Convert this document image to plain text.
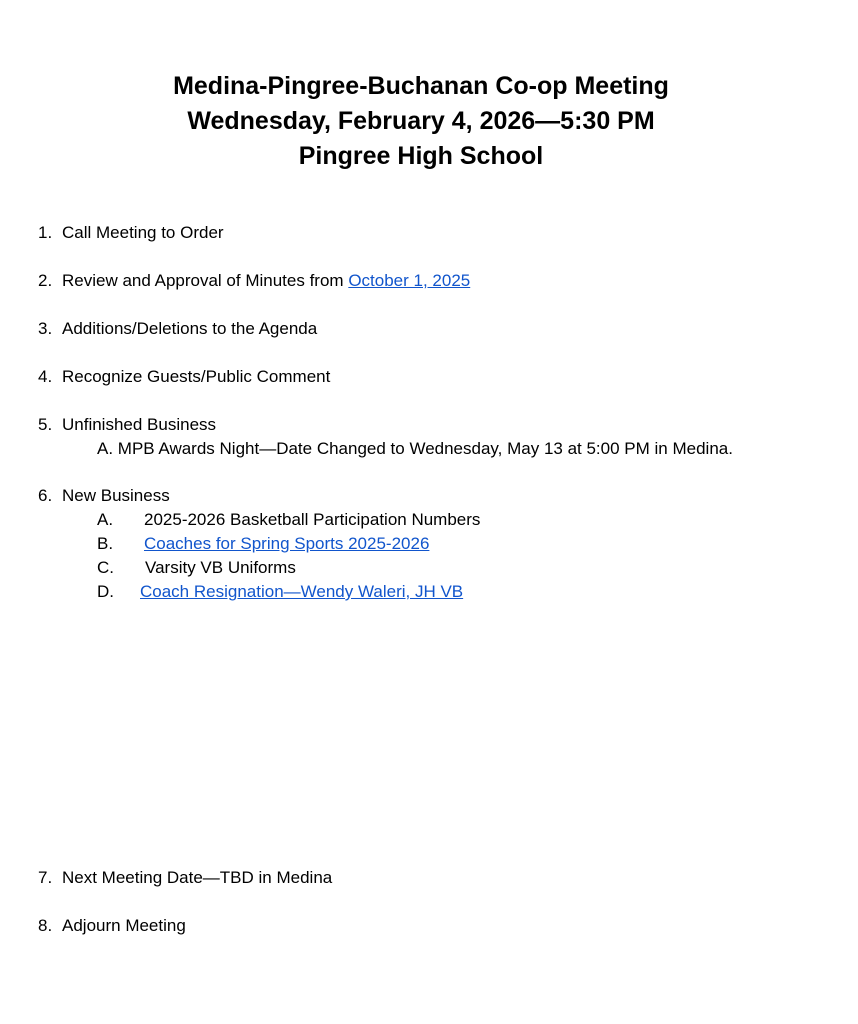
Medina-Pingree-Buchanan Co-op Meeting
Wednesday, February 4, 2026—5:30 PM
Pingree High School
1. Call Meeting to Order
2. Review and Approval of Minutes from October 1, 2025
3. Additions/Deletions to the Agenda
4. Recognize Guests/Public Comment
5. Unfinished Business
A. MPB Awards Night—Date Changed to Wednesday, May 13 at 5:00 PM in Medina.
6. New Business
A. 2025-2026 Basketball Participation Numbers
B. Coaches for Spring Sports 2025-2026
C. Varsity VB Uniforms
D. Coach Resignation—Wendy Waleri, JH VB
7. Next Meeting Date—TBD in Medina
8. Adjourn Meeting
